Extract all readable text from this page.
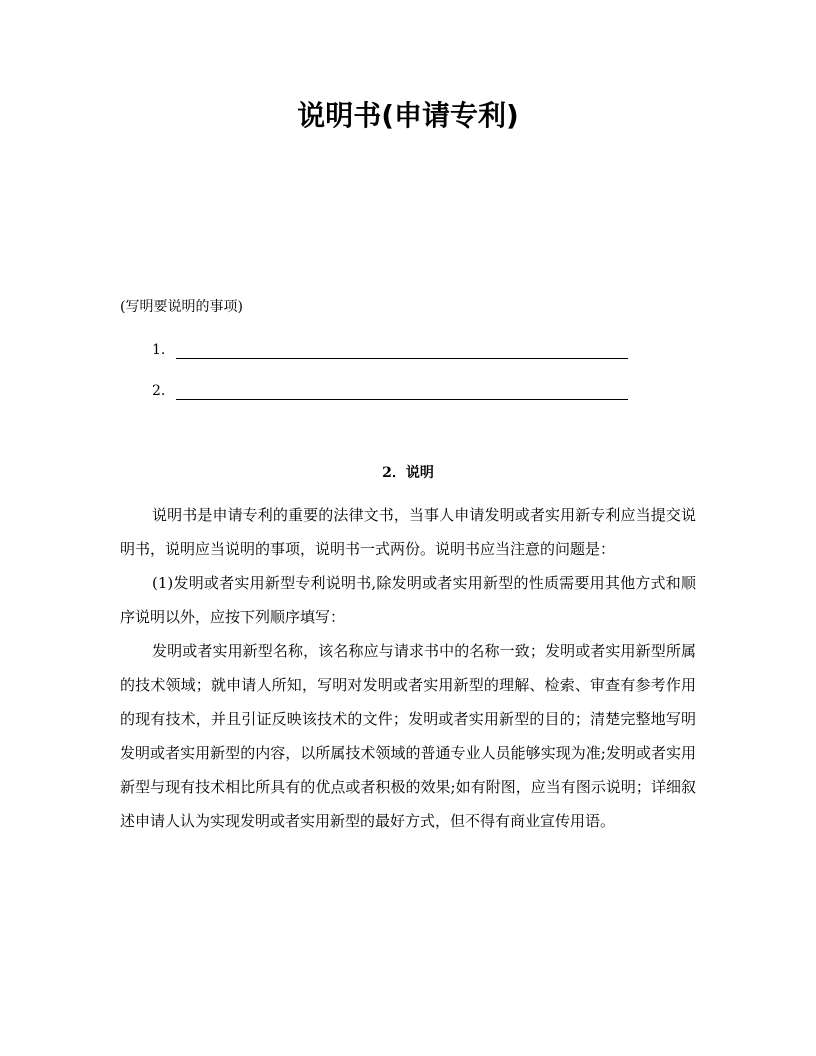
说明书(申请专利)
(写明要说明的事项)
1.
2.
2．说明

说明书是申请专利的重要的法律文书，当事人申请发明或者实用新专利应当提交说明书，说明应当说明的事项，说明书一式两份。说明书应当注意的问题是：

(1)发明或者实用新型专利说明书,除发明或者实用新型的性质需要用其他方式和顺序说明以外，应按下列顺序填写：

发明或者实用新型名称，该名称应与请求书中的名称一致；发明或者实用新型所属的技术领域；就申请人所知，写明对发明或者实用新型的理解、检索、审查有参考作用的现有技术，并且引证反映该技术的文件；发明或者实用新型的目的；清楚完整地写明发明或者实用新型的内容，以所属技术领域的普通专业人员能够实现为准;发明或者实用新型与现有技术相比所具有的优点或者积极的效果;如有附图，应当有图示说明；详细叙述申请人认为实现发明或者实用新型的最好方式，但不得有商业宣传用语。
